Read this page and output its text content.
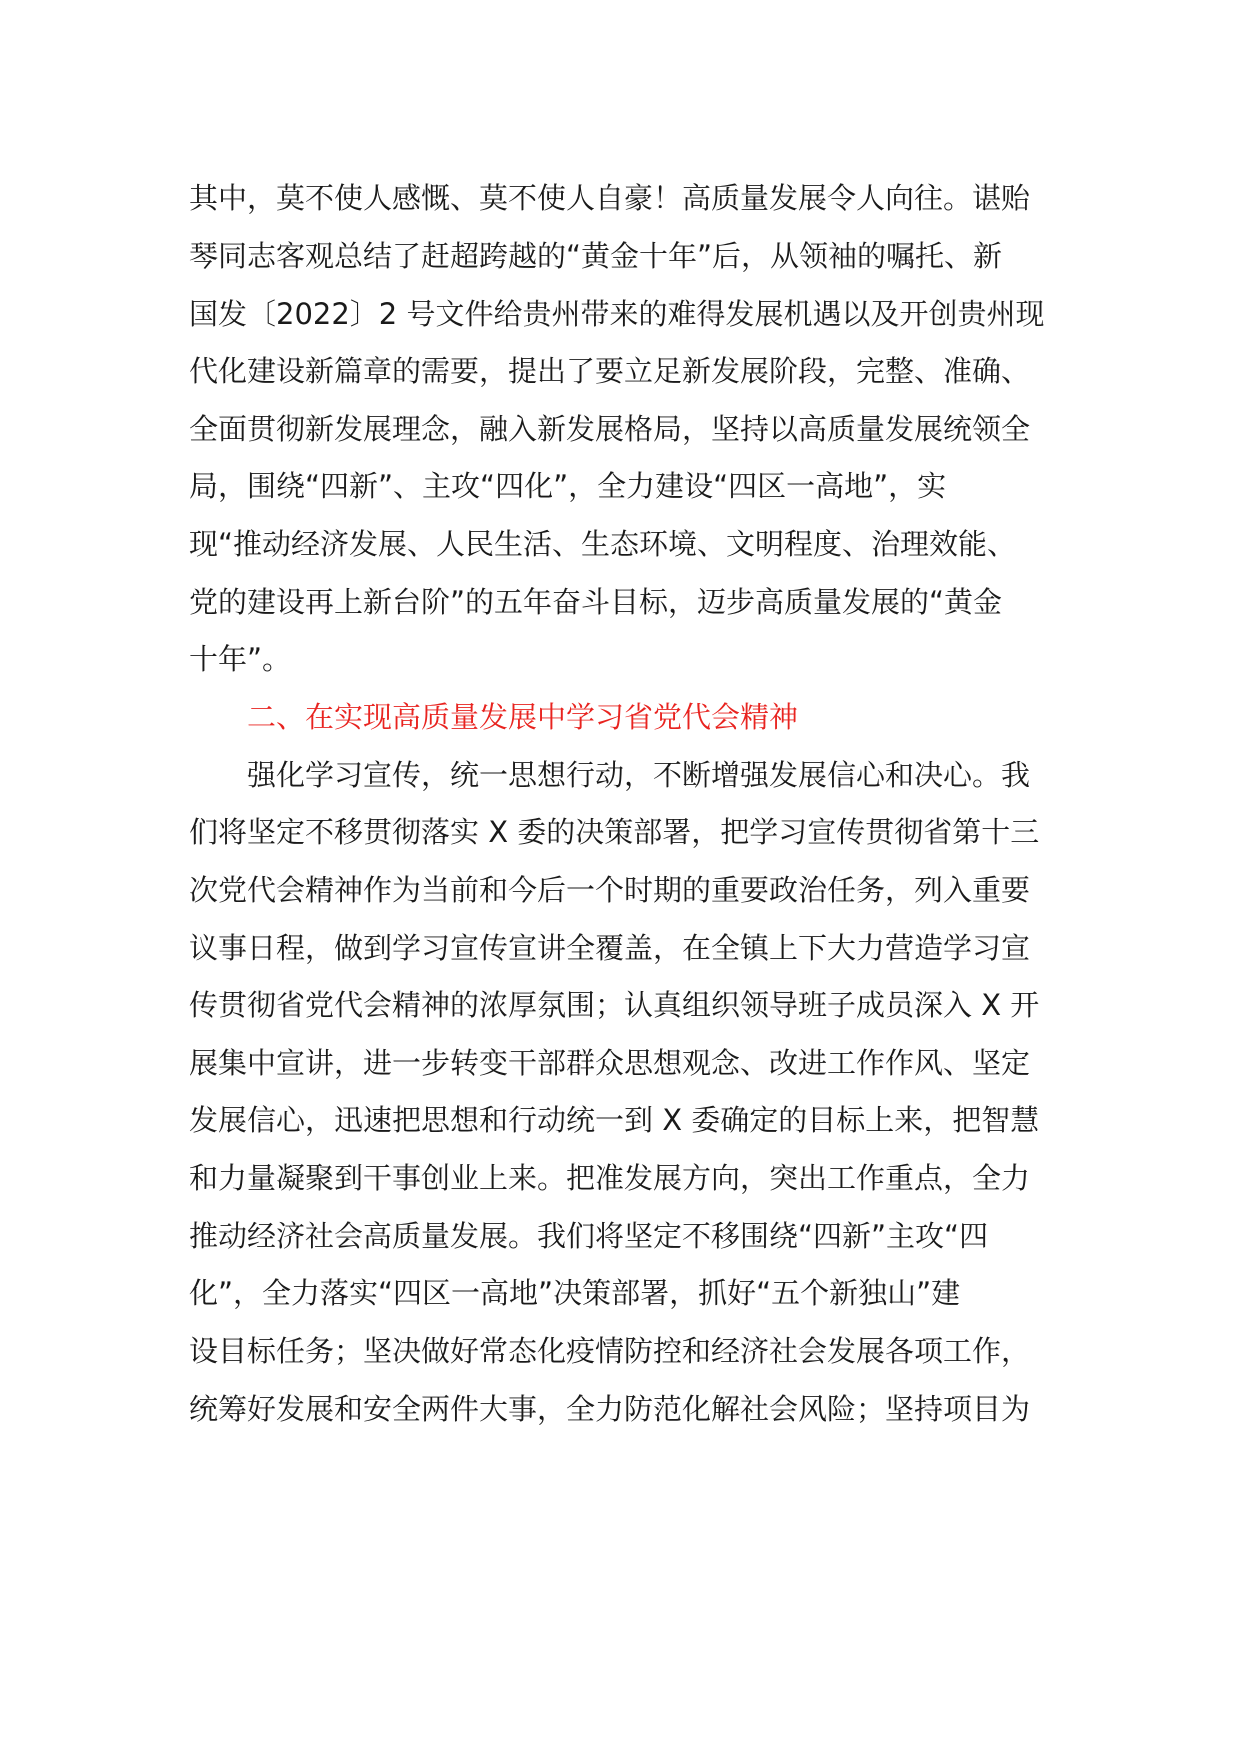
其中，莫不使人感慨、莫不使人自豪！高质量发展令人向往。谌贻
琴同志客观总结了赶超跨越的“黄金十年”后，从领袖的嘱托、新
国发〔2022〕2 号文件给贵州带来的难得发展机遇以及开创贵州现
代化建设新篇章的需要，提出了要立足新发展阶段，完整、准确、
全面贯彻新发展理念，融入新发展格局，坚持以高质量发展统领全
局，围绕“四新”、主攻“四化”，全力建设“四区一高地”，实
现“推动经济发展、人民生活、生态环境、文明程度、治理效能、
党的建设再上新台阶”的五年奋斗目标，迈步高质量发展的“黄金
十年”。
二、在实现高质量发展中学习省党代会精神
强化学习宣传，统一思想行动，不断增强发展信心和决心。我
们将坚定不移贯彻落实 X 委的决策部署，把学习宣传贯彻省第十三
次党代会精神作为当前和今后一个时期的重要政治任务，列入重要
议事日程，做到学习宣传宣讲全覆盖，在全镇上下大力营造学习宣
传贯彻省党代会精神的浓厚氛围；认真组织领导班子成员深入 X 开
展集中宣讲，进一步转变干部群众思想观念、改进工作作风、坚定
发展信心，迅速把思想和行动统一到 X 委确定的目标上来，把智慧
和力量凝聚到干事创业上来。把准发展方向，突出工作重点，全力
推动经济社会高质量发展。我们将坚定不移围绕“四新”主攻“四
化”，全力落实“四区一高地”决策部署，抓好“五个新独山”建
设目标任务；坚决做好常态化疫情防控和经济社会发展各项工作，
统筹好发展和安全两件大事，全力防范化解社会风险；坚持项目为
